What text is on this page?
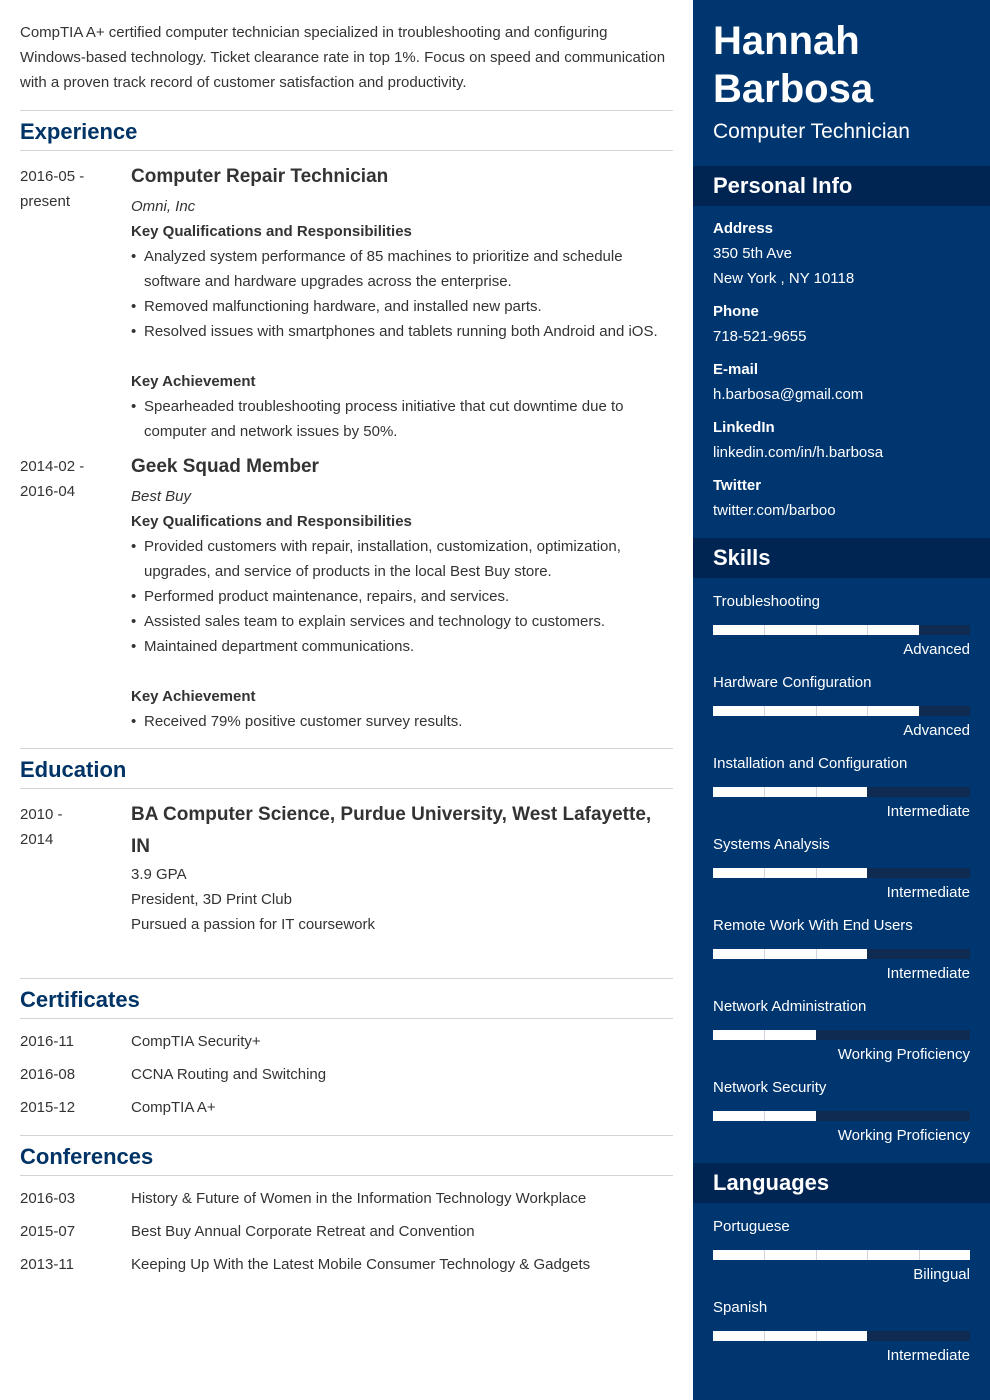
CompTIA A+ certified computer technician specialized in troubleshooting and configuring Windows-based technology. Ticket clearance rate in top 1%. Focus on speed and communication with a proven track record of customer satisfaction and productivity.

Experience
2016-05 -
present
Computer Repair Technician
Omni, Inc
Key Qualifications and Responsibilities
• Analyzed system performance of 85 machines to prioritize and schedule software and hardware upgrades across the enterprise.
• Removed malfunctioning hardware, and installed new parts.
• Resolved issues with smartphones and tablets running both Android and iOS.
Key Achievement
• Spearheaded troubleshooting process initiative that cut downtime due to computer and network issues by 50%.
2014-02 -
2016-04
Geek Squad Member
Best Buy
Key Qualifications and Responsibilities
• Provided customers with repair, installation, customization, optimization, upgrades, and service of products in the local Best Buy store.
• Performed product maintenance, repairs, and services.
• Assisted sales team to explain services and technology to customers.
• Maintained department communications.
Key Achievement
• Received 79% positive customer survey results.
Education
2010 -
2014
BA Computer Science, Purdue University, West Lafayette, IN
3.9 GPA
President, 3D Print Club
Pursued a passion for IT coursework
Certificates
2016-11	CompTIA Security+
2016-08	CCNA Routing and Switching
2015-12	CompTIA A+
Conferences
2016-03	History & Future of Women in the Information Technology Workplace
2015-07	Best Buy Annual Corporate Retreat and Convention
2013-11	Keeping Up With the Latest Mobile Consumer Technology & Gadgets
Hannah
Barbosa
Computer Technician
Personal Info
Address
350 5th Ave
New York , NY 10118
Phone
718-521-9655
E-mail
h.barbosa@gmail.com
LinkedIn
linkedin.com/in/h.barbosa
Twitter
twitter.com/barboo
Skills
Troubleshooting
Advanced
Hardware Configuration
Advanced
Installation and Configuration
Intermediate
Systems Analysis
Intermediate
Remote Work With End Users
Intermediate
Network Administration
Working Proficiency
Network Security
Working Proficiency
Languages
Portuguese
Bilingual
Spanish
Intermediate
